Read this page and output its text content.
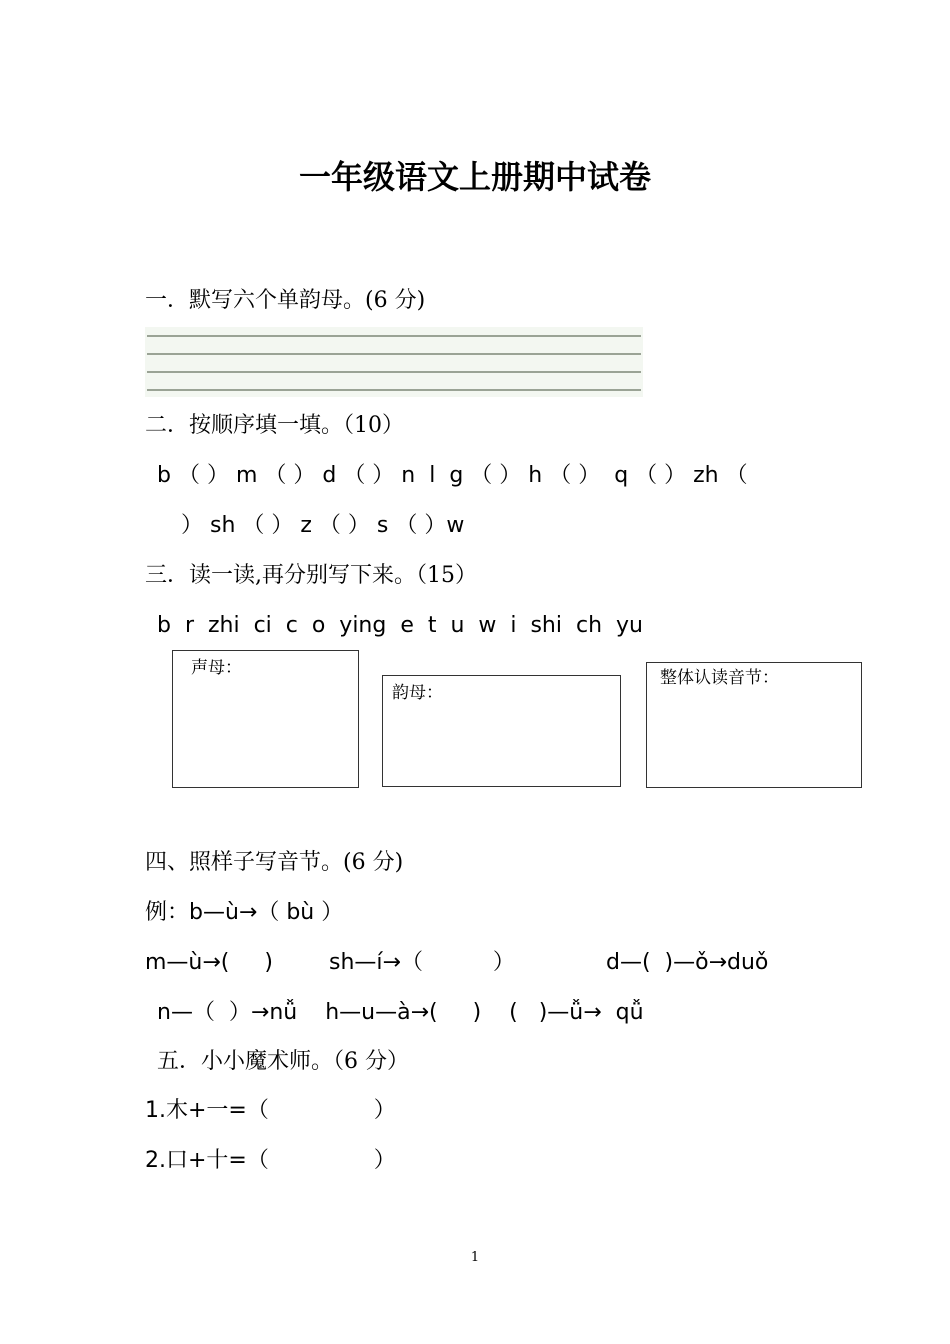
一年级语文上册期中试卷
一．默写六个单韵母。(6 分)
二．按顺序填一填。（10）
b （ ） m （ ） d （ ） n  l  g （ ） h （ ）  q （ ） zh （
） sh （ ） z （ ） s （ ）w
三．读一读,再分别写下来。（15）
b  r  zhi  ci  c  o  ying  e  t  u  w  i  shi  ch  yu
声母：
韵母：
整体认读音节：
四、照样子写音节。(6 分)
例：b—ù→（ bù ）
m—ù→(     )	sh—í→（          ）	d—(  )—ǒ→duǒ
n—（  ）→nǚ    h—u—à→(     )    (   )—ǚ→  qǚ
五．小小魔术师。（6 分）
1.木+一=（               ）
2.口+十=（               ）
1
